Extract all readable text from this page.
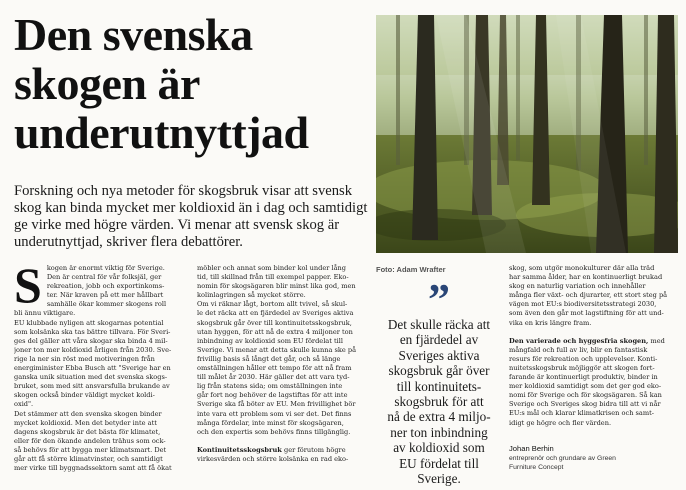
Den svenska
skogen är
underutnyttjad
Forskning och nya metoder för skogsbruk visar att svensk
skog kan binda mycket mer koldioxid än i dag och samtidigt
ge virke med högre värden. Vi menar att svensk skog är
underutnyttjad, skriver flera debattörer.
S kogen är enormt viktig för Sverige.
Den är central för vår folksjäl, ger
rekreation, jobb och exportinkoms-
ter. När kraven på ett mer hållbart
samhälle ökar kommer skogens roll
bli ännu viktigare.
EU klubbade nyligen att skogarnas potential
som kolsänka ska tas bättre tillvara. För Sveri-
ges del gäller att våra skogar ska binda 4 mil-
joner ton mer koldioxid årligen från 2030. Sve-
rige la ner sin röst med motiveringen från
energiminister Ebba Busch att "Sverige har en
ganska unik situation med det svenska skogs-
bruket, som med sitt ansvarsfulla brukande av
skogen också binder väldigt mycket koldi-
oxid".
Det stämmer att den svenska skogen binder
mycket koldioxid. Men det betyder inte att
dagens skogsbruk är det bästa för klimatet,
eller för den ökande andelen trähus som ock-
så behövs för att bygga mer klimatsmart. Det
går att få större klimatvinster, och samtidigt
mer virke till byggnadssektorn samt att få ökat
möbler och annat som binder kol under lång
tid, till skillnad från till exempel papper. Eko-
nomin för skogsägaren blir minst lika god, men
kolinlagringen så mycket större.
Om vi räknar lågt, bortom allt tvivel, så skul-
le det räcka att en fjärdedel av Sveriges aktiva
skogsbruk går över till kontinuitetsskogsbruk,
utan hyggen, för att nå de extra 4 miljoner ton
inbindning av koldioxid som EU fördelat till
Sverige. Vi menar att detta skulle kunna ske på
frivillig basis så långt det går, och så länge
omställningen håller ett tempo för att nå fram
till målet år 2030. Här gäller det att vara tyd-
lig från statens sida; om omställningen inte
går fort nog behöver de lagstiftas för att inte
Sverige ska få böter av EU. Men frivillighet bör
inte vara ett problem som vi ser det. Det finns
många fördelar, inte minst för skogsägaren,
och den expertis som behövs finns tillgänglig.
Kontinuitetsskogsbruk ger förutom högre
virkesvärden och större kolsänka en rad eko-
Foto: Adam Wrafter
”
Det skulle räcka att
en fjärdedel av
Sveriges aktiva
skogsbruk går över
till kontinuitets-
skogsbruk för att
nå de extra 4 miljo-
ner ton inbindning
av koldioxid som
EU fördelat till
Sverige.
skog, som utgör monokulturer där alla träd
har samma ålder, har en kontinuerligt brukad
skog en naturlig variation och innehåller
många fler växt- och djurarter, ett stort steg på
vägen mot EU:s biodiversitetsstrategi 2030,
som även den går mot lagstiftning för att und-
vika en kris längre fram.
Den varierade och hyggesfria skogen, med
mångfald och full av liv, blir en fantastisk
resurs för rekreation och upplevelser. Konti-
nuitetsskogsbruk möjliggör att skogen fort-
farande är kontinuerligt produktiv, binder in
mer koldioxid samtidigt som det ger god eko-
nomi för Sverige och för skogsägaren. Så kan
Sverige och Sveriges skog bidra till att vi når
EU:s mål och klarar klimatkrisen och samt-
idigt ge högre och fler värden.
Johan Berhin
entreprenör och grundare av Green
Furniture Concept
